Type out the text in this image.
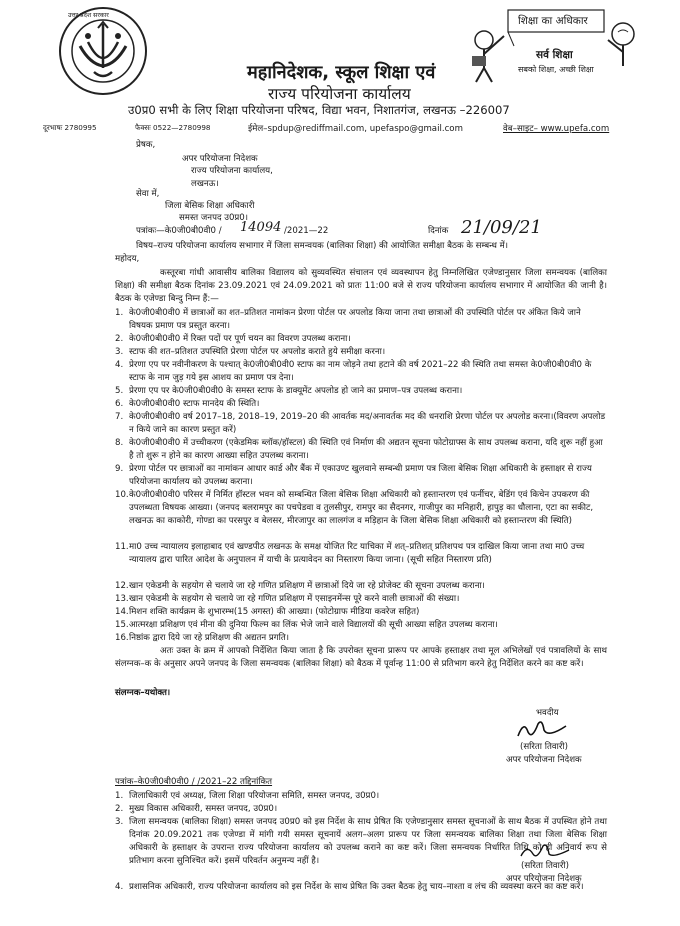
उत्तर प्रदेश सरकार
महानिदेशक, स्कूल शिक्षा एवं
राज्य परियोजना कार्यालय
उ0प्र0 सभी के लिए शिक्षा परियोजना परिषद, विद्या भवन, निशातगंज, लखनऊ –226007
दूरभाषः 2780995	फैक्सः 0522—2780998	ईमेल–spdup@rediffmail.com, upefaspo@gmail.com	वेब–साइट– www.upefa.com
शिक्षा का अधिकार
सर्व शिक्षा
सबको शिक्षा, अच्छी शिक्षा
प्रेषक,
अपर परियोजना निदेशक
राज्य परियोजना कार्यालय,
लखनऊ।
सेवा में,
जिला बेसिक शिक्षा अधिकारी
समस्त जनपद उ0प्र0।
पत्रांकः—के0जी0बी0वी0 / 14094 /2021—22	दिनांक 21/09/21
विषय–राज्य परियोजना कार्यालय सभागार में जिला समन्वयक (बालिका शिक्षा) की आयोजित समीक्षा बैठक के सम्बन्ध में।
महोदय,
कस्तूरबा गांधी आवासीय बालिका विद्यालय को सुव्यवस्थित संचालन एवं व्यवस्थापन हेतु निम्नलिखित एजेण्डानुसार जिला समन्वयक (बालिका शिक्षा) की समीक्षा बैठक दिनांक 23.09.2021 एवं 24.09.2021 को प्रातः 11:00 बजे से राज्य परियोजना कार्यालय सभागार में आयोजित की जानी है। बैठक के एजेण्डा बिन्दु निम्न हैं:—
1. के0जी0बी0वी0 में छात्राओं का शत–प्रतिशत नामांकन प्रेरणा पोर्टल पर अपलोड किया जाना तथा छात्राओं की उपस्थिति पोर्टल पर अंकित किये जाने विषयक प्रमाण पत्र प्रस्तुत करना।
2. के0जी0बी0वी0 में रिक्त पदों पर पूर्ण चयन का विवरण उपलब्ध कराना।
3. स्टाफ की शत–प्रतिशत उपस्थिति प्रेरणा पोर्टल पर अपलोड कराते हुये समीक्षा करना।
4. प्रेरणा एप पर नवीनीकरण के पश्चात् के0जी0बी0वी0 स्टाफ का नाम जोड़ने तथा हटाने की वर्ष 2021–22 की स्थिति तथा समस्त के0जी0बी0वी0 के स्टाफ के नाम जुड़ गये इस आशय का प्रमाण पत्र देना।
5. प्रेरणा एप पर के0जी0बी0वी0 के समस्त स्टाफ के डाक्यूमेंट अपलोड हो जाने का प्रमाण–पत्र उपलब्ध कराना।
6. के0जी0बी0वी0 स्टाफ मानदेय की स्थिति।
7. के0जी0बी0वी0 वर्ष 2017–18, 2018–19, 2019–20 की आवर्तक मद/अनावर्तक मद की धनराशि प्रेरणा पोर्टल पर अपलोड करना।(विवरण अपलोड न किये जाने का कारण प्रस्तुत करें)
8. के0जी0बी0वी0 में उच्चीकरण (एकेडमिक ब्लॉक/हॉस्टल) की स्थिति एवं निर्माण की अद्यतन सूचना फोटोग्राफ्स के साथ उपलब्ध कराना, यदि शुरू नहीं हुआ है तो शुरू न होने का कारण आख्या सहित उपलब्ध कराना।
9. प्रेरणा पोर्टल पर छात्राओं का नामांकन आधार कार्ड और बैंक में एकाउण्ट खुलवाने सम्बन्धी प्रमाण पत्र जिला बेसिक शिक्षा अधिकारी के हस्ताक्षर से राज्य परियोजना कार्यालय को उपलब्ध कराना।
10. के0जी0बी0वी0 परिसर में निर्मित हॉस्टल भवन को सम्बन्धित जिला बेसिक शिक्षा अधिकारी को हस्तान्तरण एवं फर्नीचर, बेडिंग एवं किचेन उपकरण की उपलब्धता विषयक आख्या। (जनपद बलरामपुर का पचपेडवा व तुलसीपुर, रामपुर का सैदनगर, गाजीपुर का मनिहारी, हापुड़ का धौलाना, एटा का सकीट, लखनऊ का काकोरी, गोण्डा का परसपुर व बेलसर, मीरजापुर का लालगंज व मड़िहान के जिला बेसिक शिक्षा अधिकारी को हस्तान्तरण की स्थिति)
11. मा0 उच्च न्यायालय इलाहाबाद एवं खण्डपीठ लखनऊ के समक्ष योजित रिट याचिका में शत्–प्रतिशत् प्रतिशपथ पत्र दाखिल किया जाना तथा मा0 उच्च न्यायालय द्वारा पारित आदेश के अनुपालन में याची के प्रत्यावेदन का निस्तारण किया जाना। (सूची सहित निस्तारण प्रति)
12. खान एकेडमी के सहयोग से चलाये जा रहे गणित प्रशिक्षण में छात्राओं दिये जा रहे प्रोजेक्ट की सूचना उपलब्ध कराना।
13. खान एकेडमी के सहयोग से चलाये जा रहे गणित प्रशिक्षण में एसाइनमेंन्स पूरे करने वाली छात्राओं की संख्या।
14. मिशन शक्ति कार्यक्रम के शुभारम्भ(15 अगस्त) की आख्या। (फोटोग्राफ मीडिया कवरेज सहित)
15. आत्मरक्षा प्रशिक्षण एवं मीना की दुनिया फिल्म का लिंक भेजे जाने वाले विद्यालयों की सूची आख्या सहित उपलब्ध कराना।
16. निष्ठांक द्वारा दिये जा रहे प्रशिक्षण की अद्यतन प्रगति।
अतः उक्त के क्रम में आपको निर्देशित किया जाता है कि उपरोक्त सूचना प्रारूप पर आपके हस्ताक्षर तथा मूल अभिलेखों एवं पत्रावलियों के साथ संलग्नक–क के अनुसार अपने जनपद के जिला समन्वयक (बालिका शिक्षा) को बैठक में पूर्वान्ह 11:00 से प्रतिभाग करने हेतु निर्देशित करने का कष्ट करें।
संलग्नक–यथोक्त।
भवदीय
(सरिता तिवारी)
अपर परियोजना निदेशक
पत्रांक–के0जी0बी0वी0 / /2021–22 तद्दिनांकित
1. जिलाधिकारी एवं अध्यक्ष, जिला शिक्षा परियोजना समिति, समस्त जनपद, उ0प्र0।
2. मुख्य विकास अधिकारी, समस्त जनपद, उ0प्र0।
3. जिला समन्वयक (बालिका शिक्षा) समस्त जनपद उ0प्र0 को इस निर्देश के साथ प्रेषित कि एजेण्डानुसार समस्त सूचनाओं के साथ बैठक में उपस्थित होने तथा दिनांक 20.09.2021 तक एजेण्डा में मांगी गयी समस्त सूचनायें अलग–अलग प्रारूप पर जिला समन्वयक बालिका शिक्षा तथा जिला बेसिक शिक्षा अधिकारी के हस्ताक्षर के उपरान्त राज्य परियोजना कार्यालय को उपलब्ध कराने का कष्ट करें। जिला समन्वयक निर्धारित तिथि को ही अनिवार्य रूप से प्रतिभाग करना सुनिश्चित करें। इसमें परिवर्तन अनुमन्य नहीं है।
4. प्रशासनिक अधिकारी, राज्य परियोजना कार्यालय को इस निर्देश के साथ प्रेषित कि उक्त बैठक हेतु चाय–नाश्ता व लंच की व्यवस्था करने का कष्ट करें।
(सरिता तिवारी)
अपर परियोजना निदेशक
